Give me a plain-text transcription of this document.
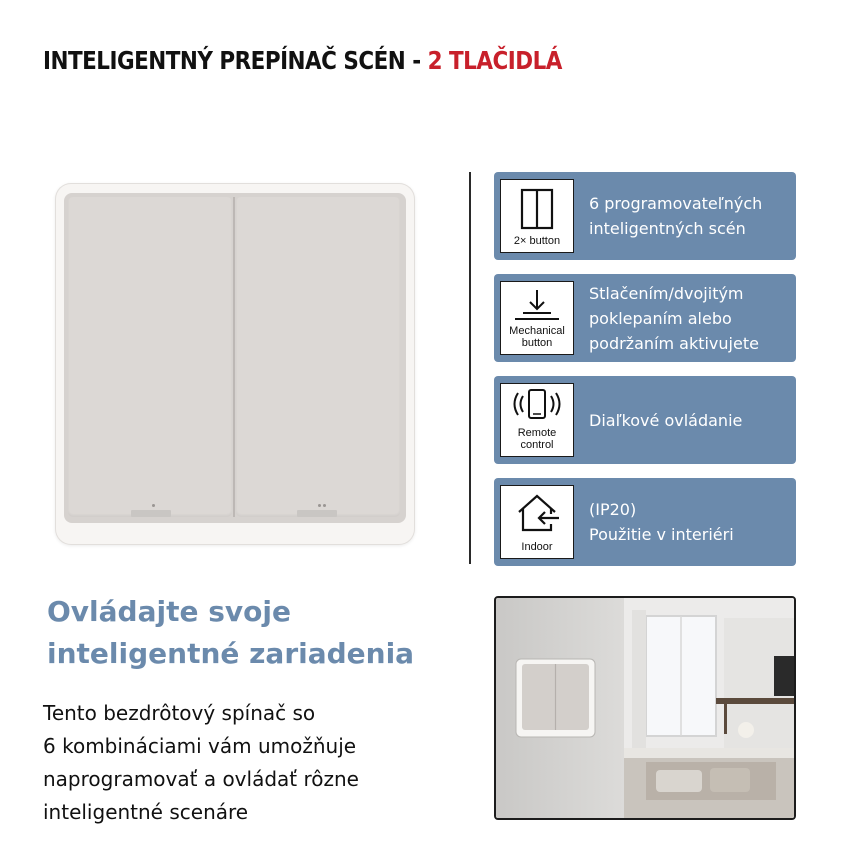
INTELIGENTNÝ PREPÍNAČ SCÉN - 2 TLAČIDLÁ
2× button
6 programovateľných
inteligentných scén
Mechanical
button
Stlačením/dvojitým
poklepaním alebo
podržaním aktivujete
Remote
control
Diaľkové ovládanie
Indoor
(IP20)
Použitie v interiéri
Ovládajte svoje
inteligentné zariadenia
Tento bezdrôtový spínač so
6 kombináciami vám umožňuje
naprogramovať a ovládať rôzne
inteligentné scenáre
